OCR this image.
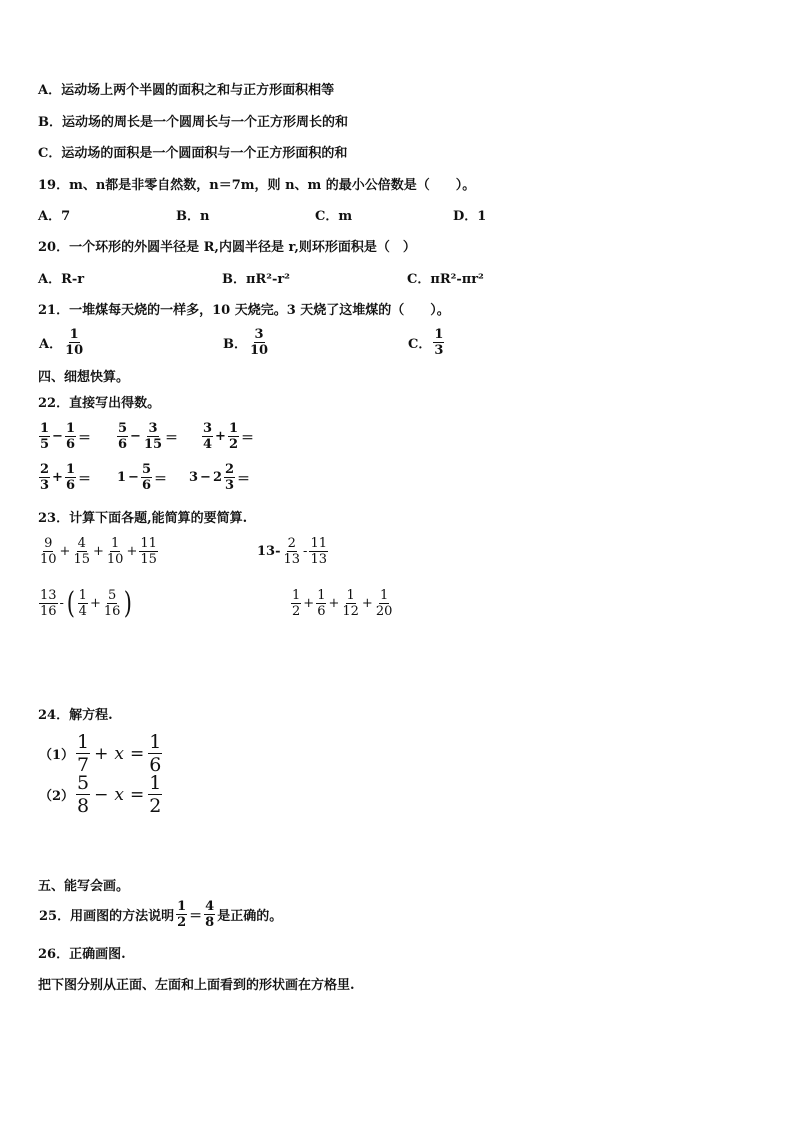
A．运动场上两个半圆的面积之和与正方形面积相等
B．运动场的周长是一个圆周长与一个正方形周长的和
C．运动场的面积是一个圆面积与一个正方形面积的和
19．m、n都是非零自然数，n＝7m，则 n、m 的最小公倍数是（　　）。
A．7	B．n	C．m	D．1
20．一个环形的外圆半径是 R,内圆半径是 r,则环形面积是（　）
A．R-r	B．πR²-r²	C．πR²-πr²
21．一堆煤每天烧的一样多，10 天烧完。3 天烧了这堆煤的（　　）。
A． $\frac{1}{10}$	B． $\frac{3}{10}$	C． $\frac{1}{3}$
四、细想快算。
22．直接写出得数。
$\frac{1}{5} - \frac{1}{6} = \frac{5}{6} - \frac{3}{15} = \frac{3}{4} + \frac{1}{2}$ ＝
$\frac{2}{3} + \frac{1}{6} = 1 - \frac{5}{6} = 3 - 2 \frac{2}{3}$ ＝
23．计算下面各题,能简算的要简算.
$\frac{9}{10} + \frac{4}{15} + \frac{1}{10} + \frac{11}{15}$	$13- \frac{2}{13} - \frac{11}{13}$
$\frac{13}{16}$ -( $\frac{1}{4} + \frac{5}{16}$ )	$\frac{1}{2} + \frac{1}{6} + \frac{1}{12} + \frac{1}{20}$
24．解方程.
$(1) \frac{1}{7} + x = \frac{1}{6}$
$(2) \frac{5}{8} - x = \frac{1}{2}$
五、能写会画。
25．用画图的方法说明 $\frac{1}{2} = \frac{4}{8}$ 是正确的。
26．正确画图.
把下图分别从正面、左面和上面看到的形状画在方格里.
